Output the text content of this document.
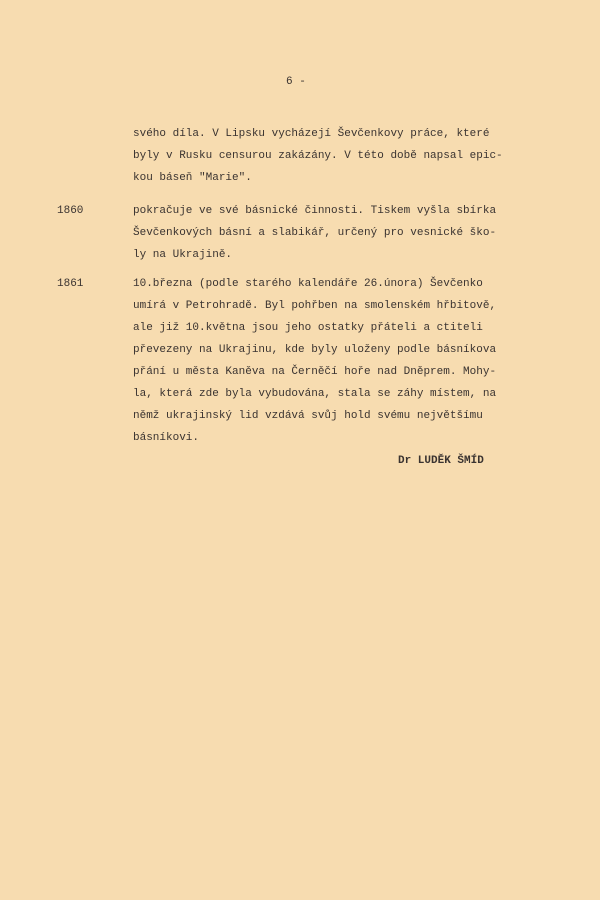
6 -
svého díla. V Lipsku vycházejí Ševčenkovy práce, které
byly v Rusku censurou zakázány. V této době napsal epic-
kou báseň "Marie".
1860	pokračuje ve své básnické činnosti. Tiskem vyšla sbírka
Ševčenkových básní a slabikář, určený pro vesnické ško-
ly na Ukrajině.
1861	10.března (podle starého kalendáře 26.února) Ševčenko
umírá v Petrohradě. Byl pohřben na smolenském hřbitově,
ale již 10.května jsou jeho ostatky přáteli a ctiteli
převezeny na Ukrajinu, kde byly uloženy podle básníkova
přání u města Kaněva na Černěčí hoře nad Dněprem. Mohy-
la, která zde byla vybudována, stala se záhy místem, na
němž ukrajinský lid vzdává svůj hold svému největšímu
básníkovi.
Dr LUDĚK ŠMÍD
